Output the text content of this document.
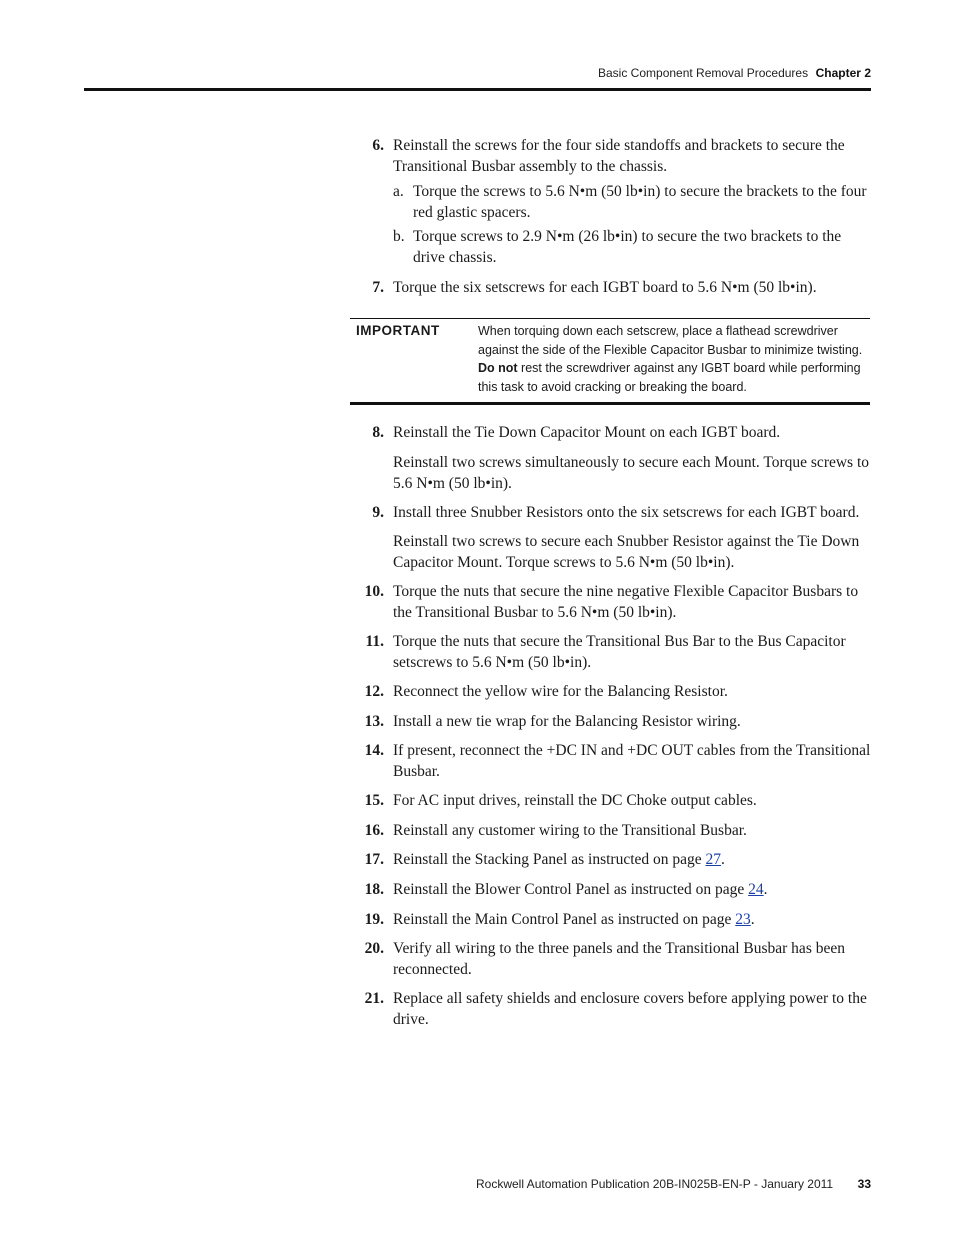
Basic Component Removal Procedures Chapter 2
6. Reinstall the screws for the four side standoffs and brackets to secure the Transitional Busbar assembly to the chassis.
a. Torque the screws to 5.6 N•m (50 lb•in) to secure the brackets to the four red glastic spacers.
b. Torque screws to 2.9 N•m (26 lb•in) to secure the two brackets to the drive chassis.
7. Torque the six setscrews for each IGBT board to 5.6 N•m (50 lb•in).
IMPORTANT	When torquing down each setscrew, place a flathead screwdriver against the side of the Flexible Capacitor Busbar to minimize twisting. Do not rest the screwdriver against any IGBT board while performing this task to avoid cracking or breaking the board.
8. Reinstall the Tie Down Capacitor Mount on each IGBT board.
Reinstall two screws simultaneously to secure each Mount. Torque screws to 5.6 N•m (50 lb•in).
9. Install three Snubber Resistors onto the six setscrews for each IGBT board.
Reinstall two screws to secure each Snubber Resistor against the Tie Down Capacitor Mount. Torque screws to 5.6 N•m (50 lb•in).
10. Torque the nuts that secure the nine negative Flexible Capacitor Busbars to the Transitional Busbar to 5.6 N•m (50 lb•in).
11. Torque the nuts that secure the Transitional Bus Bar to the Bus Capacitor setscrews to 5.6 N•m (50 lb•in).
12. Reconnect the yellow wire for the Balancing Resistor.
13. Install a new tie wrap for the Balancing Resistor wiring.
14. If present, reconnect the +DC IN and +DC OUT cables from the Transitional Busbar.
15. For AC input drives, reinstall the DC Choke output cables.
16. Reinstall any customer wiring to the Transitional Busbar.
17. Reinstall the Stacking Panel as instructed on page 27.
18. Reinstall the Blower Control Panel as instructed on page 24.
19. Reinstall the Main Control Panel as instructed on page 23.
20. Verify all wiring to the three panels and the Transitional Busbar has been reconnected.
21. Replace all safety shields and enclosure covers before applying power to the drive.
Rockwell Automation Publication 20B-IN025B-EN-P - January 2011 33
